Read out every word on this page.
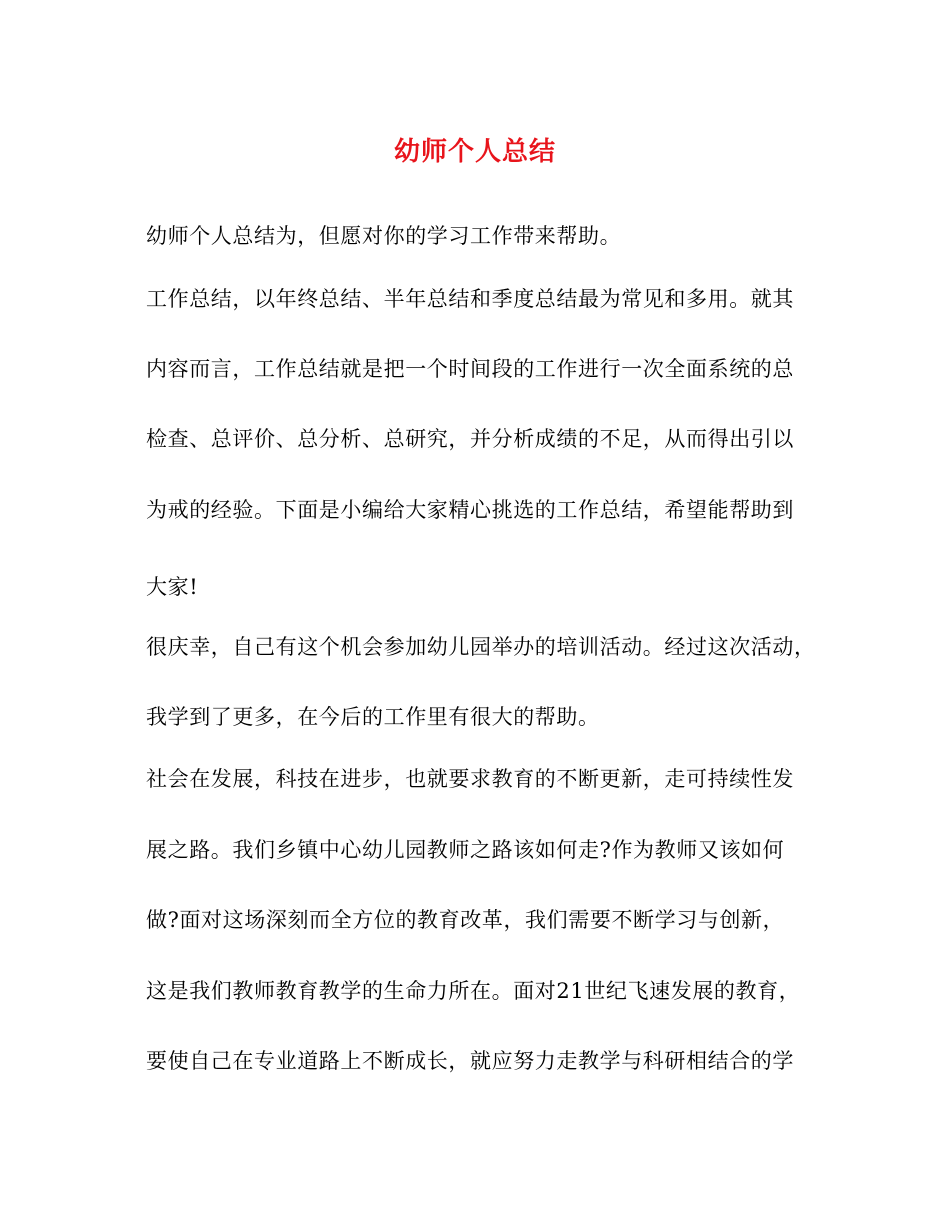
幼师个人总结
幼师个人总结为，但愿对你的学习工作带来帮助。
工作总结，以年终总结、半年总结和季度总结最为常见和多用。就其
内容而言，工作总结就是把一个时间段的工作进行一次全面系统的总
检查、总评价、总分析、总研究，并分析成绩的不足，从而得出引以
为戒的经验。下面是小编给大家精心挑选的工作总结，希望能帮助到
大家!
很庆幸，自己有这个机会参加幼儿园举办的培训活动。经过这次活动，
我学到了更多，在今后的工作里有很大的帮助。
社会在发展，科技在进步，也就要求教育的不断更新，走可持续性发
展之路。我们乡镇中心幼儿园教师之路该如何走?作为教师又该如何
做?面对这场深刻而全方位的教育改革，我们需要不断学习与创新，
这是我们教师教育教学的生命力所在。面对21世纪飞速发展的教育，
要使自己在专业道路上不断成长，就应努力走教学与科研相结合的学
